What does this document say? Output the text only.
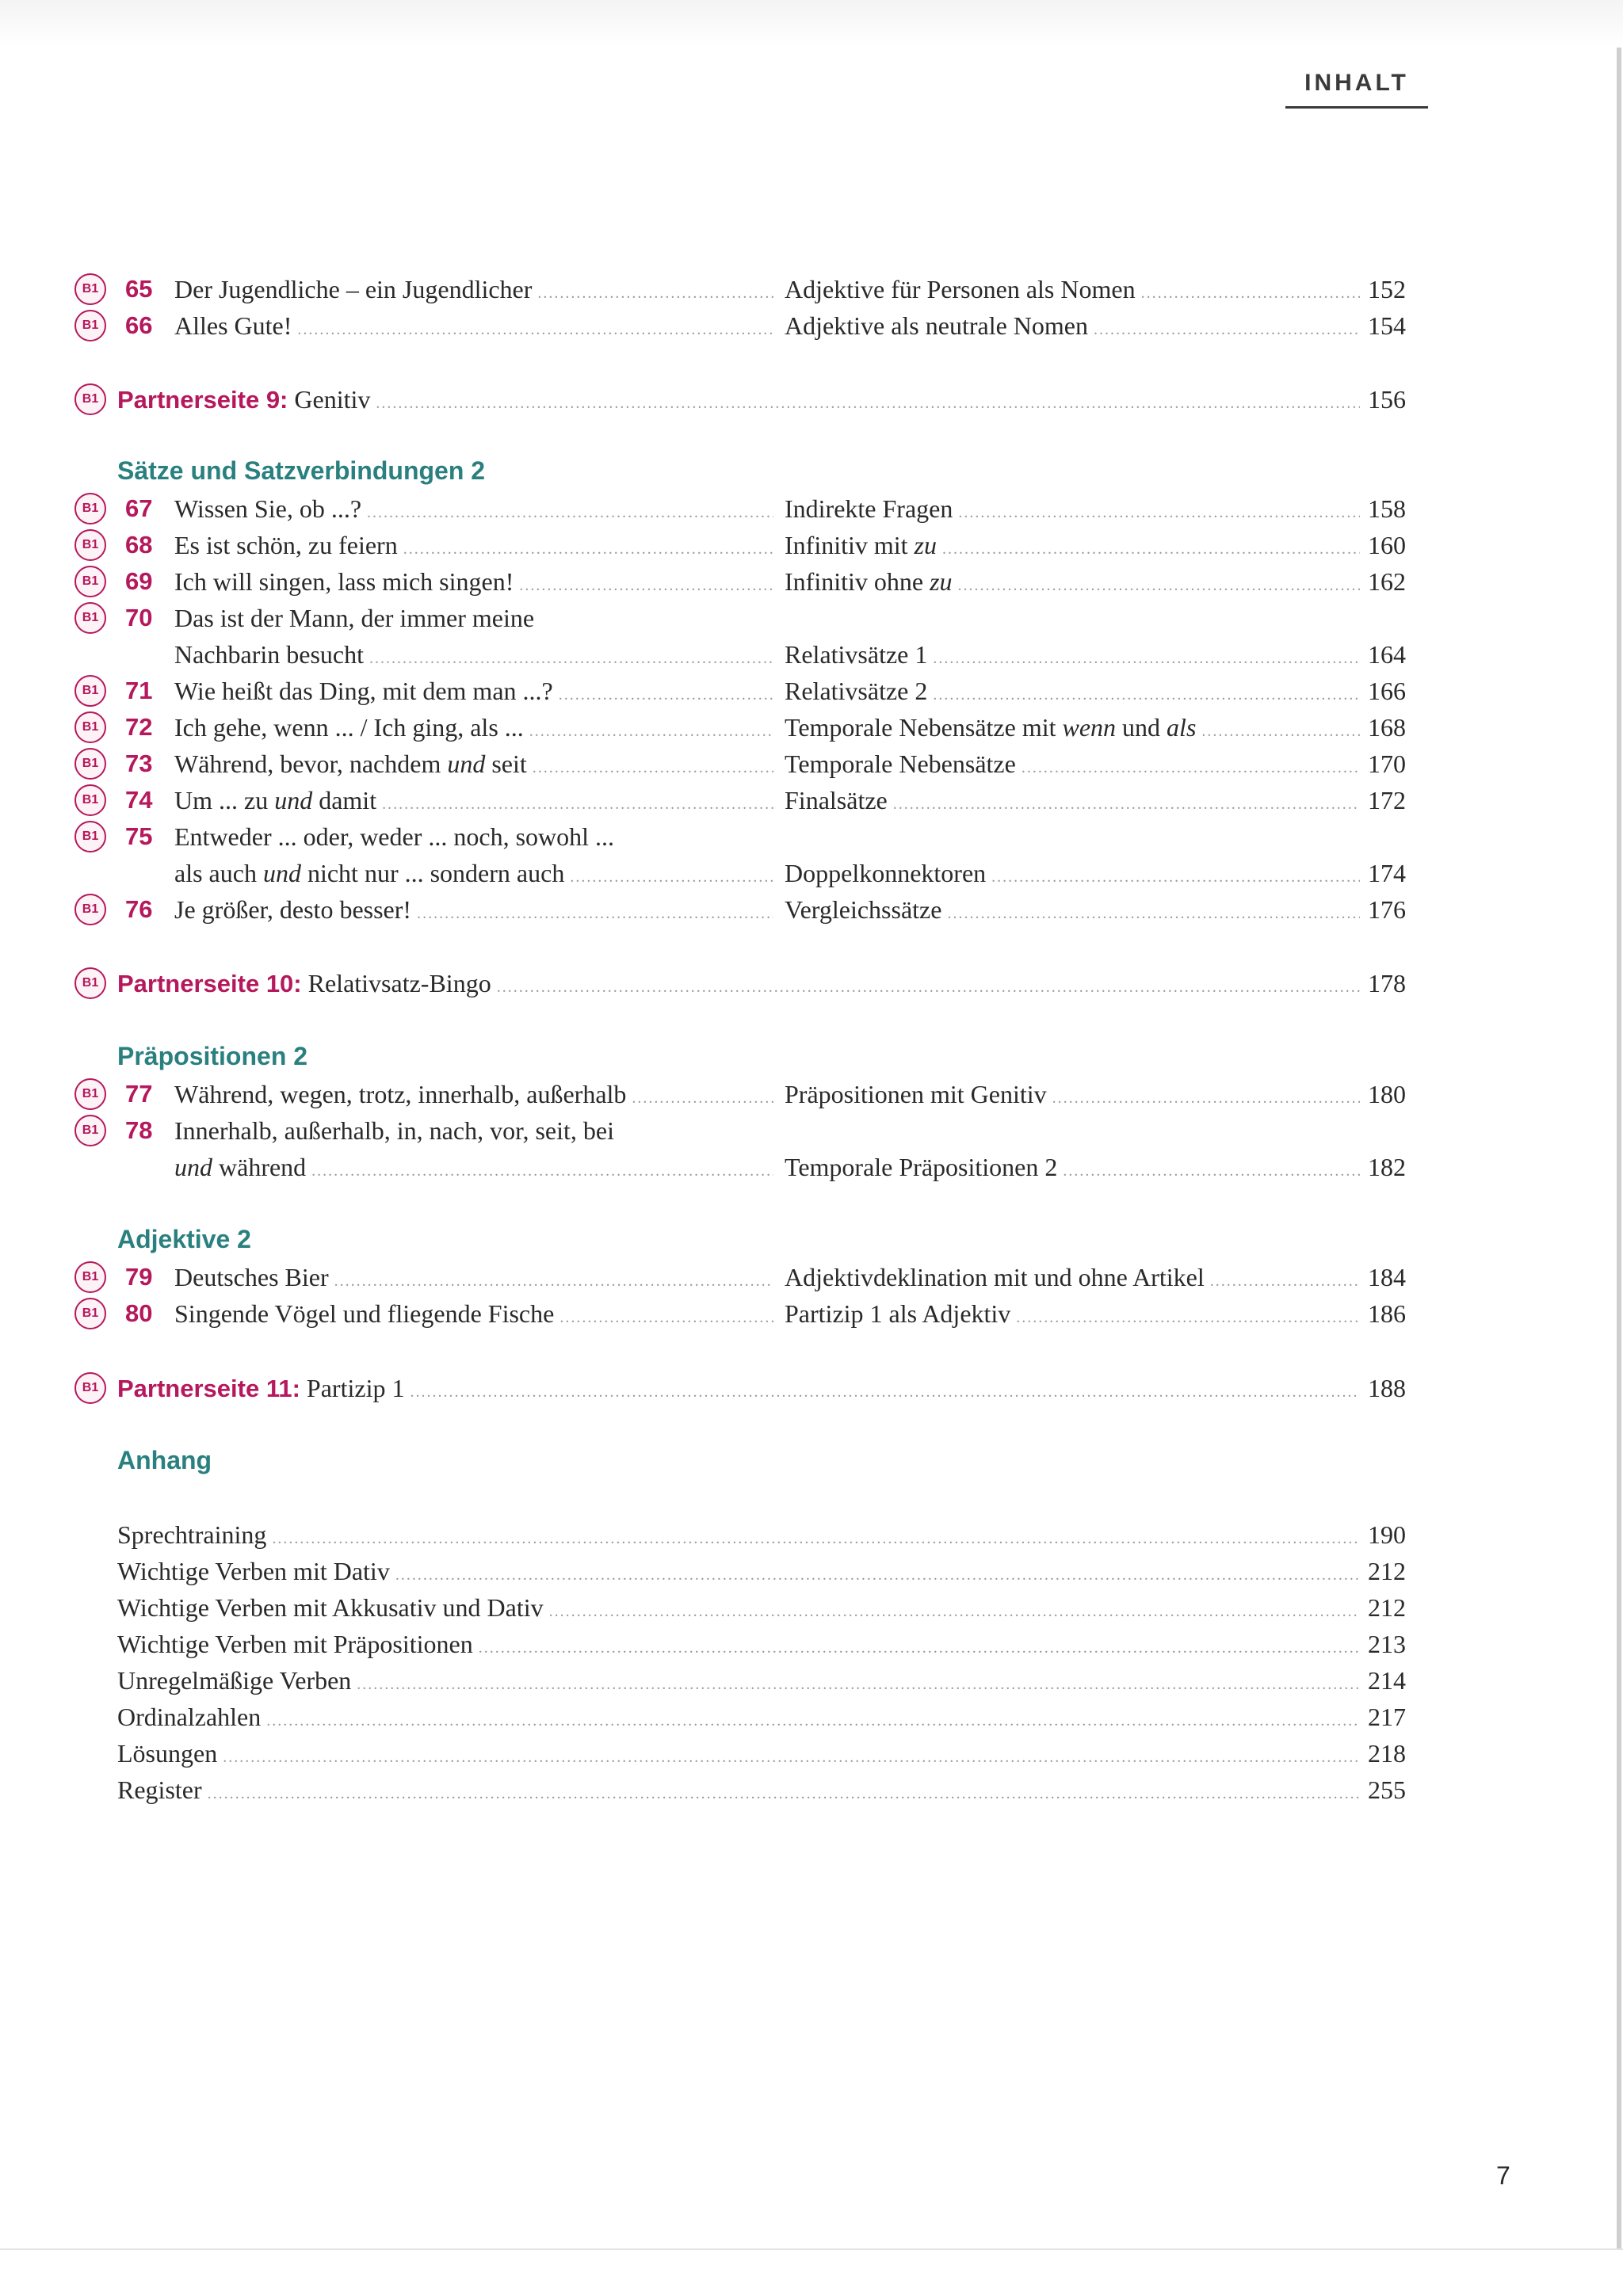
INHALT
B1	65 Der Jugendliche – ein Jugendlicher .....	Adjektive für Personen als Nomen .....	152
B1	66 Alles Gute! .....	Adjektive als neutrale Nomen .....	154
B1 Partnerseite 9: Genitiv .....	156
Sätze und Satzverbindungen 2
B1	67 Wissen Sie, ob ...? .....	Indirekte Fragen .....	158
B1	68 Es ist schön, zu feiern .....	Infinitiv mit zu .....	160
B1	69 Ich will singen, lass mich singen! .....	Infinitiv ohne zu .....	162
B1	70 Das ist der Mann, der immer meine
Nachbarin besucht .....	Relativsätze 1 .....	164
B1	71 Wie heißt das Ding, mit dem man ...? .....	Relativsätze 2 .....	166
B1	72 Ich gehe, wenn ... / Ich ging, als ... .....	Temporale Nebensätze mit wenn und als .....	168
B1	73 Während, bevor, nachdem und seit .....	Temporale Nebensätze .....	170
B1	74 Um ... zu und damit .....	Finalsätze .....	172
B1	75 Entweder ... oder, weder ... noch, sowohl ...
als auch und nicht nur ... sondern auch .....	Doppelkonnektoren .....	174
B1	76 Je größer, desto besser! .....	Vergleichssätze .....	176
B1 Partnerseite 10: Relativsatz-Bingo .....	178
Präpositionen 2
B1	77 Während, wegen, trotz, innerhalb, außerhalb .....	Präpositionen mit Genitiv .....	180
B1	78 Innerhalb, außerhalb, in, nach, vor, seit, bei
und während .....	Temporale Präpositionen 2 .....	182
Adjektive 2
B1	79 Deutsches Bier .....	Adjektivdeklination mit und ohne Artikel .....	184
B1	80 Singende Vögel und fliegende Fische .....	Partizip 1 als Adjektiv .....	186
B1 Partnerseite 11: Partizip 1 .....	188
Anhang
Sprechtraining .....	190
Wichtige Verben mit Dativ .....	212
Wichtige Verben mit Akkusativ und Dativ .....	212
Wichtige Verben mit Präpositionen .....	213
Unregelmäßige Verben .....	214
Ordinalzahlen .....	217
Lösungen .....	218
Register .....	255
7
